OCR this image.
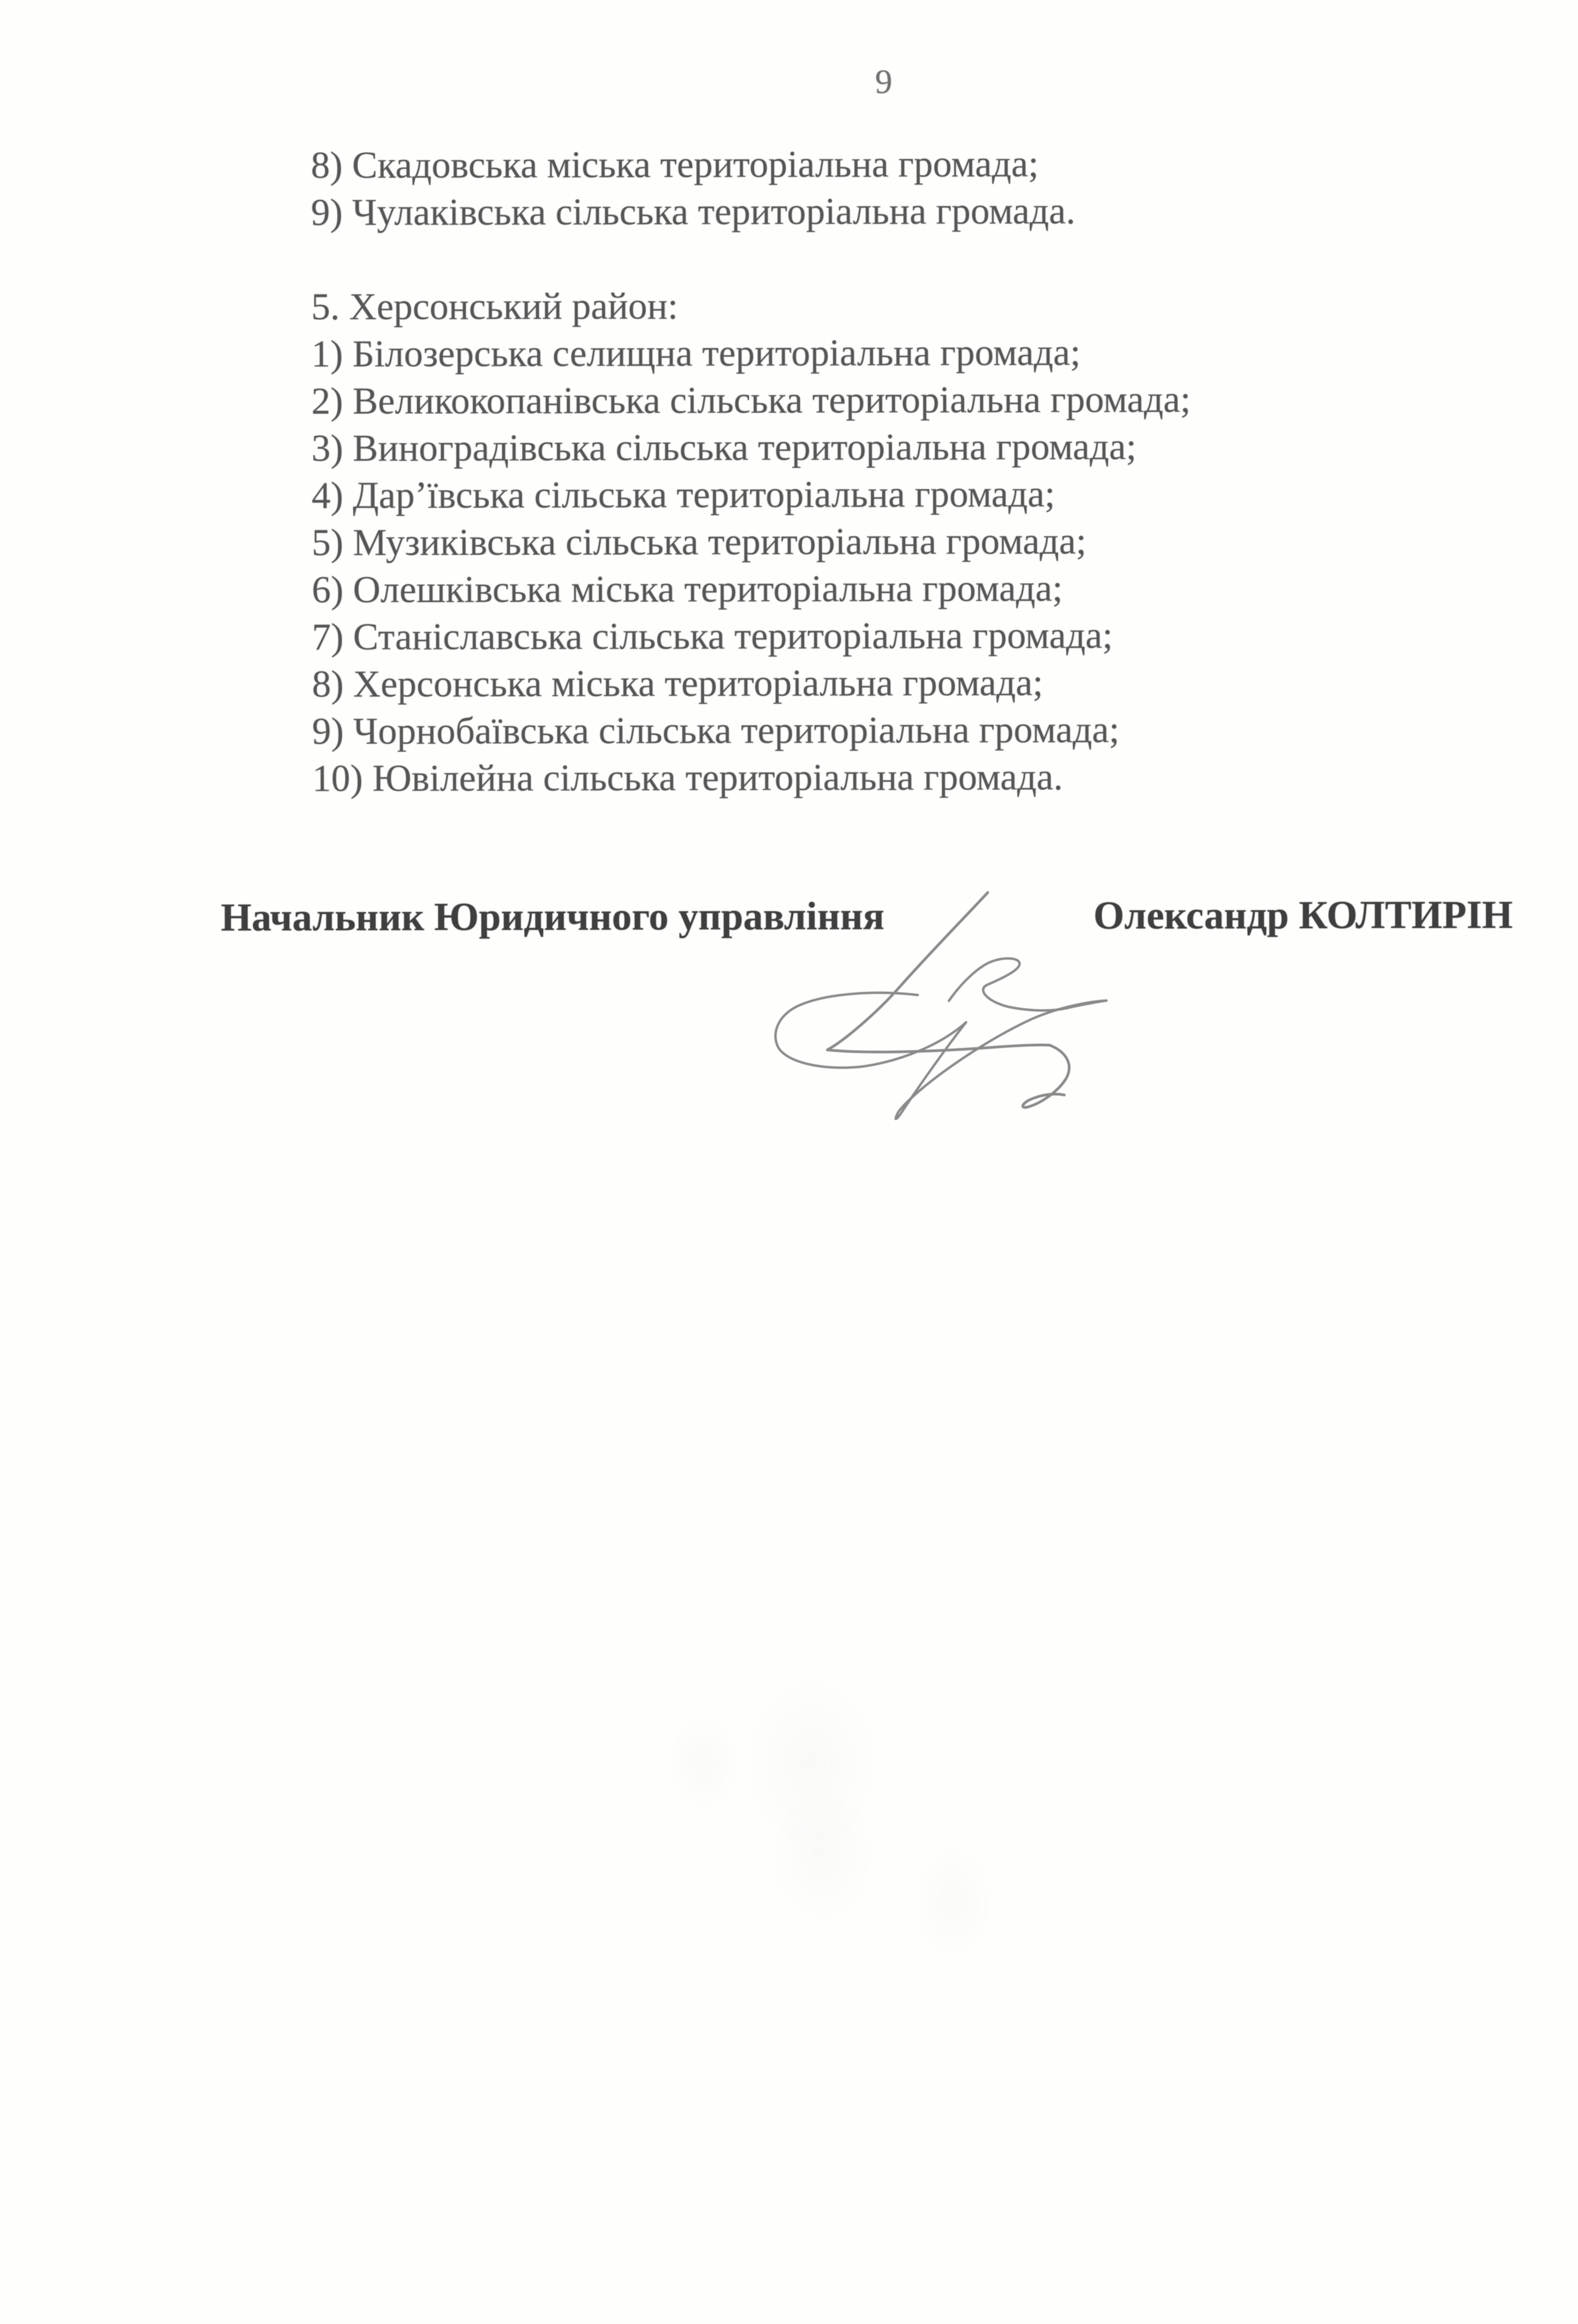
9
8) Скадовська міська територіальна громада;
9) Чулаківська сільська територіальна громада.
5. Херсонський район:
1) Білозерська селищна територіальна громада;
2) Великокопанівська сільська територіальна громада;
3) Виноградівська сільська територіальна громада;
4) Дар’ївська сільська територіальна громада;
5) Музиківська сільська територіальна громада;
6) Олешківська міська територіальна громада;
7) Станіславська сільська територіальна громада;
8) Херсонська міська територіальна громада;
9) Чорнобаївська сільська територіальна громада;
10) Ювілейна сільська територіальна громада.
Начальник Юридичного управління	Олександр КОЛТИРІН
